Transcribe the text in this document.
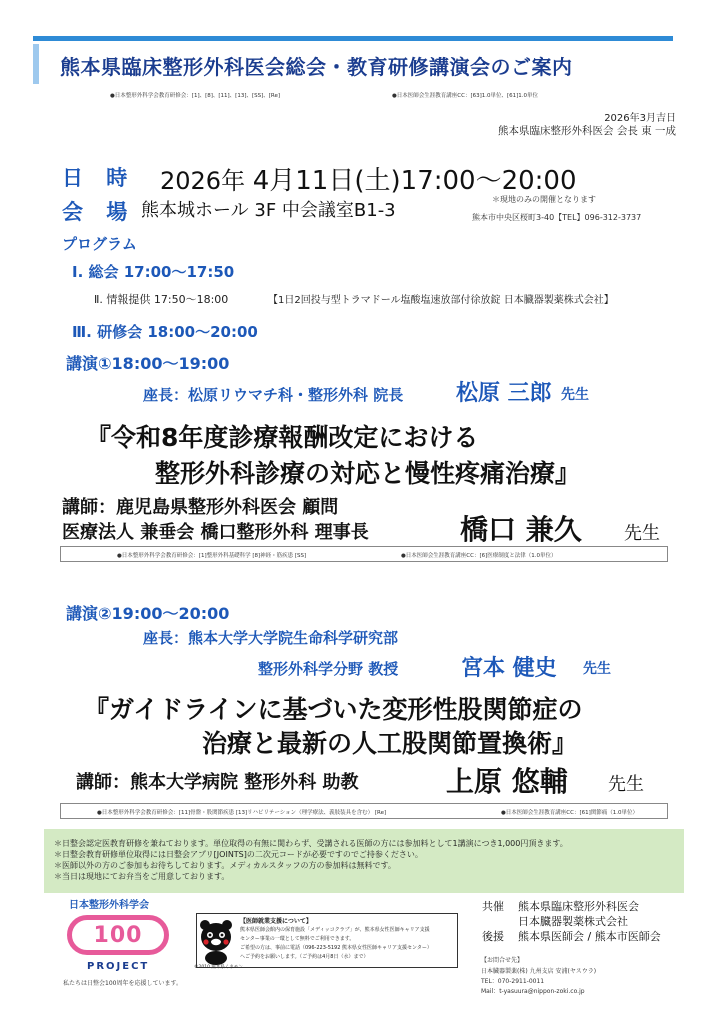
熊本県臨床整形外科医会総会・教育研修講演会のご案内
●日本整形外科学会教育研修会：[1]、[8]、[11]、[13]、[SS]、[Re]	●日本医師会生涯教育講座CC：[63]1.0単位、[61]1.0単位
2026年3月吉日
熊本県臨床整形外科医会 会長 東 一成
日 時 2026年 4月11日(土)17:00～20:00
会 場 熊本城ホール 3F 中会議室B1-3
＊現地のみの開催となります
熊本市中央区桜町3-40【TEL】096-312-3737
プログラム
Ⅰ. 総会 17:00～17:50
Ⅱ. 情報提供 17:50～18:00	【1日2回投与型トラマドール塩酸塩速放部付徐放錠 日本臓器製薬株式会社】
Ⅲ. 研修会 18:00～20:00
講演①18:00～19:00
座長：松原リウマチ科・整形外科 院長 松原 三郎 先生
『令和8年度診療報酬改定における
整形外科診療の対応と慢性疼痛治療』
講師：鹿児島県整形外科医会 顧問
医療法人 兼垂会 橋口整形外科 理事長	橋口 兼久 先生
●日本整形外科学会教育研修会：[1]整形外科基礎科学 [8]神経・筋疾患 [SS]	●日本医師会生涯教育講座CC：[6]医療制度と法律（1.0単位）
講演②19:00～20:00
座長：熊本大学大学院生命科学研究部
整形外科学分野 教授	宮本 健史 先生
『ガイドラインに基づいた変形性股関節症の
治療と最新の人工股関節置換術』
講師：熊本大学病院 整形外科 助教	上原 悠輔 先生
●日本整形外科学会教育研修会：[11]骨盤・股関節疾患 [13]リハビリテーション（理学療法、義肢装具を含む） [Re]	●日本医師会生涯教育講座CC：[61]関節痛（1.0単位）
＊日整会認定医教育研修を兼ねております。単位取得の有無に関わらず、受講される医師の方には参加料として1講演につき1,000円頂きます。
＊日整会教育研修単位取得には日整会アプリ[JOINTS]の二次元コードが必要ですのでご持参ください。
＊医師以外の方のご参加もお待ちしております。メディカルスタッフの方の参加料は無料です。
＊当日は現地にてお弁当をご用意しております。
日本整形外科学会
100
PROJECT
私たちは日整会100周年を応援しています。
©2010 熊本県くまモン
【医師就業支援について】
熊本県医師会館内の保育施設「メディッコクラブ」が、熊本県女性医師キャリア支援
センター事業の一環として無料でご利用できます。
ご希望の方は、事前に電話（096-223-5192 熊本県女性医師キャリア支援センター）
へご予約をお願いします。（ご予約は4月8日（水）まで）
共催 熊本県臨床整形外科医会
日本臓器製薬株式会社
後援 熊本県医師会 / 熊本市医師会
【お問合せ先】
日本臓器製薬(株) 九州支店 安浦(ヤスウラ)
TEL：070-2911-0011
Mail：t-yasuura@nippon-zoki.co.jp
